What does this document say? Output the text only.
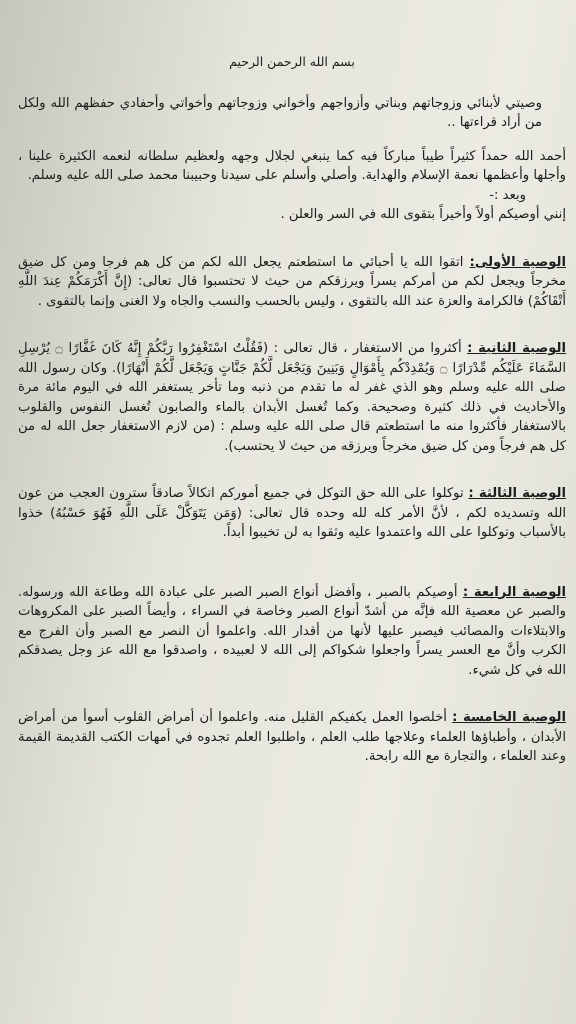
بسم الله الرحمن الرحيم

وصيتي لأبنائي وزوجاتهم وبناتي وأزواجهم وأخواني وزوجاتهم وأخواتي وأحفادي حفظهم الله ولكل من أراد قراءتها ..

أحمد الله حمداً كثيراً طيباً مباركاً فيه كما ينبغي لجلال وجهه ولعظيم سلطانه لنعمه الكثيرة علينا ، وأجلها وأعظمها نعمة الإسلام والهداية. وأصلي وأسلم على سيدنا وحبيبنا محمد صلى الله عليه وسلم.

وبعد :-

إنني أوصيكم أولاً وأخيراً بتقوى الله في السر والعلن .

الوصية الأولى: اتقوا الله يا أحبائي ما استطعتم يجعل الله لكم من كل هم فرجا ومن كل ضيق مخرجاً ويجعل لكم من أمركم يسراً ويرزقكم من حيث لا تحتسبوا قال تعالى: (إِنَّ أَكْرَمَكُمْ عِندَ اللَّهِ أَتْقَاكُمْ) فالكرامة والعزة عند الله بالتقوى ، وليس بالحسب والنسب والجاه ولا الغنى وإنما بالتقوى .

الوصية الثانية : أكثروا من الاستغفار ، قال تعالى : (فَقُلْتُ اسْتَغْفِرُوا رَبَّكُمْ إِنَّهُ كَانَ غَفَّارًا ۝ يُرْسِلِ السَّمَاءَ عَلَيْكُم مِّدْرَارًا ۝ وَيُمْدِدْكُم بِأَمْوَالٍ وَبَنِينَ وَيَجْعَل لَّكُمْ جَنَّاتٍ وَيَجْعَل لَّكُمْ أَنْهَارًا). وكان رسول الله صلى الله عليه وسلم وهو الذي غفر له ما تقدم من ذنبه وما تأخر يستغفر الله في اليوم مائة مرة والأحاديث في ذلك كثيرة وصحيحة. وكما تُغسل الأبدان بالماء والصابون تُغسل النفوس والقلوب بالاستغفار فأكثروا منه ما استطعتم قال صلى الله عليه وسلم : (من لازم الاستغفار جعل الله له من كل هم فرجاً ومن كل ضيق مخرجاً ويرزقه من حيث لا يحتسب).

الوصية الثالثة : توكلوا على الله حق التوكل في جميع أموركم اتكالاً صادقاً سترون العجب من عون الله وتسديده لكم ، لأنَّ الأمر كله لله وحده قال تعالى: (وَمَن يَتَوَكَّلْ عَلَى اللَّهِ فَهُوَ حَسْبُهُ) خذوا بالأسباب وتوكلوا على الله واعتمدوا عليه وثقوا به لن تخيبوا أبداً.

الوصية الرابعة : أوصيكم بالصبر ، وأفضل أنواع الصبر الصبر على عبادة الله وطاعة الله ورسوله. والصبر عن معصية الله فإنَّه من أشدّ أنواع الصبر وخاصة في السراء ، وأيضاً الصبر على المكروهات والابتلاءات والمصائب فيصبر عليها لأنها من أقدار الله. واعلموا أن النصر مع الصبر وأن الفرج مع الكرب وأنَّ مع العسر يسراً واجعلوا شكواكم إلى الله لا لعبيده ، واصدقوا مع الله عز وجل يصدقكم الله في كل شيء.

الوصية الخامسة : أخلصوا العمل يكفيكم القليل منه. واعلموا أن أمراض القلوب أسوأ من أمراض الأبدان ، وأطباؤها العلماء وعلاجها طلب العلم ، واطلبوا العلم تجدوه في أمهات الكتب القديمة القيمة وعند العلماء ، والتجارة مع الله رابحة.
